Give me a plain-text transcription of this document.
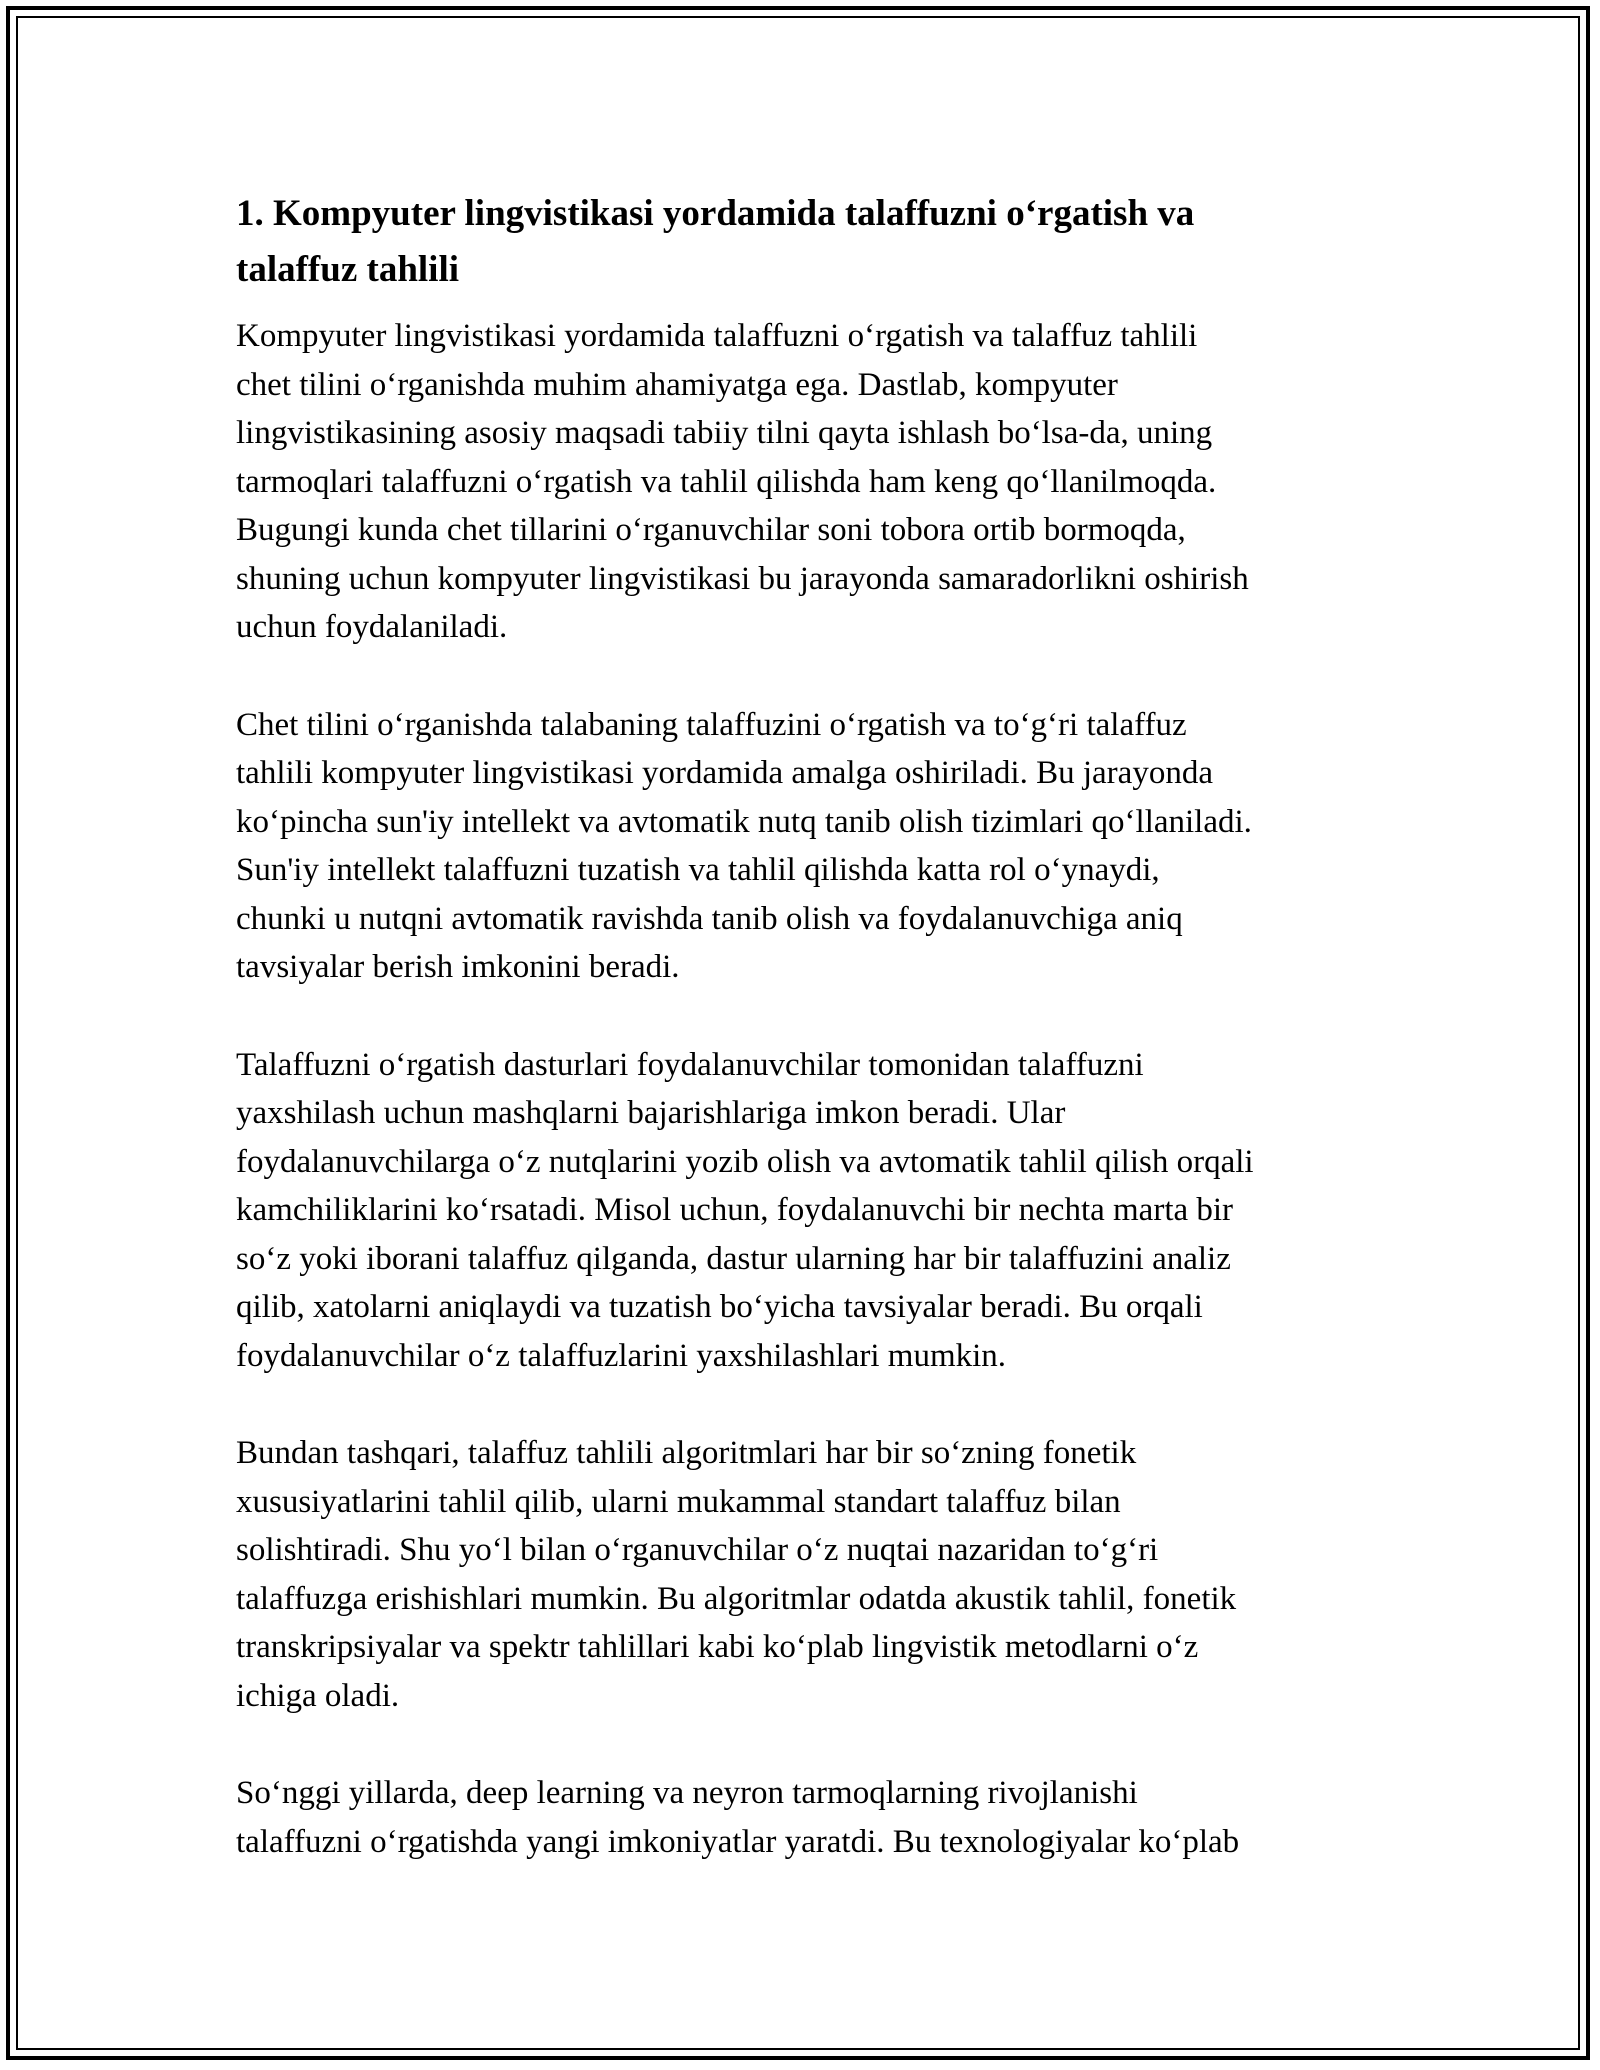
1. Kompyuter lingvistikasi yordamida talaffuzni o‘rgatish va
talaffuz tahlili

Kompyuter lingvistikasi yordamida talaffuzni o‘rgatish va talaffuz tahlili
chet tilini o‘rganishda muhim ahamiyatga ega. Dastlab, kompyuter
lingvistikasining asosiy maqsadi tabiiy tilni qayta ishlash bo‘lsa-da, uning
tarmoqlari talaffuzni o‘rgatish va tahlil qilishda ham keng qo‘llanilmoqda.
Bugungi kunda chet tillarini o‘rganuvchilar soni tobora ortib bormoqda,
shuning uchun kompyuter lingvistikasi bu jarayonda samaradorlikni oshirish
uchun foydalaniladi.

Chet tilini o‘rganishda talabaning talaffuzini o‘rgatish va to‘g‘ri talaffuz
tahlili kompyuter lingvistikasi yordamida amalga oshiriladi. Bu jarayonda
ko‘pincha sun'iy intellekt va avtomatik nutq tanib olish tizimlari qo‘llaniladi.
Sun'iy intellekt talaffuzni tuzatish va tahlil qilishda katta rol o‘ynaydi,
chunki u nutqni avtomatik ravishda tanib olish va foydalanuvchiga aniq
tavsiyalar berish imkonini beradi.

Talaffuzni o‘rgatish dasturlari foydalanuvchilar tomonidan talaffuzni
yaxshilash uchun mashqlarni bajarishlariga imkon beradi. Ular
foydalanuvchilarga o‘z nutqlarini yozib olish va avtomatik tahlil qilish orqali
kamchiliklarini ko‘rsatadi. Misol uchun, foydalanuvchi bir nechta marta bir
so‘z yoki iborani talaffuz qilganda, dastur ularning har bir talaffuzini analiz
qilib, xatolarni aniqlaydi va tuzatish bo‘yicha tavsiyalar beradi. Bu orqali
foydalanuvchilar o‘z talaffuzlarini yaxshilashlari mumkin.

Bundan tashqari, talaffuz tahlili algoritmlari har bir so‘zning fonetik
xususiyatlarini tahlil qilib, ularni mukammal standart talaffuz bilan
solishtiradi. Shu yo‘l bilan o‘rganuvchilar o‘z nuqtai nazaridan to‘g‘ri
talaffuzga erishishlari mumkin. Bu algoritmlar odatda akustik tahlil, fonetik
transkripsiyalar va spektr tahlillari kabi ko‘plab lingvistik metodlarni o‘z
ichiga oladi.

So‘nggi yillarda, deep learning va neyron tarmoqlarning rivojlanishi
talaffuzni o‘rgatishda yangi imkoniyatlar yaratdi. Bu texnologiyalar ko‘plab
